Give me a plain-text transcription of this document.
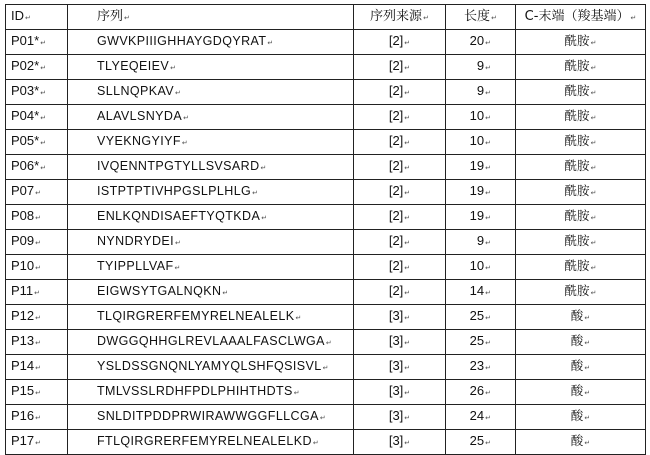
ID↵	序列↵	序列来源↵	长度↵	C-末端（羧基端）↵
P01*↵	GWVKPIIIGHHAYGDQYRAT↵	[2]↵	20↵	酰胺↵
P02*↵	TLYEQEIEV↵	[2]↵	9↵	酰胺↵
P03*↵	SLLNQPKAV↵	[2]↵	9↵	酰胺↵
P04*↵	ALAVLSNYDA↵	[2]↵	10↵	酰胺↵
P05*↵	VYEKNGYIYF↵	[2]↵	10↵	酰胺↵
P06*↵	IVQENNTPGTYLLSVSARD↵	[2]↵	19↵	酰胺↵
P07↵	ISTPTPTIVHPGSLPLHLG↵	[2]↵	19↵	酰胺↵
P08↵	ENLKQNDISAEFTYQTKDA↵	[2]↵	19↵	酰胺↵
P09↵	NYNDRYDEI↵	[2]↵	9↵	酰胺↵
P10↵	TYIPPLLVAF↵	[2]↵	10↵	酰胺↵
P11↵	EIGWSYTGALNQKN↵	[2]↵	14↵	酰胺↵
P12↵	TLQIRGRERFEMYRELNEALELK↵	[3]↵	25↵	酸↵
P13↵	DWGGQHHGLREVLAAALFASCLWGA↵	[3]↵	25↵	酸↵
P14↵	YSLDSSGNQNLYAMYQLSHFQSISVL↵	[3]↵	23↵	酸↵
P15↵	TMLVSSLRDHFPDLPHIHTHDTS↵	[3]↵	26↵	酸↵
P16↵	SNLDITPDDPRWIRAWWGGFLLCGA↵	[3]↵	24↵	酸↵
P17↵	FTLQIRGRERFEMYRELNEALELKD↵	[3]↵	25↵	酸↵
